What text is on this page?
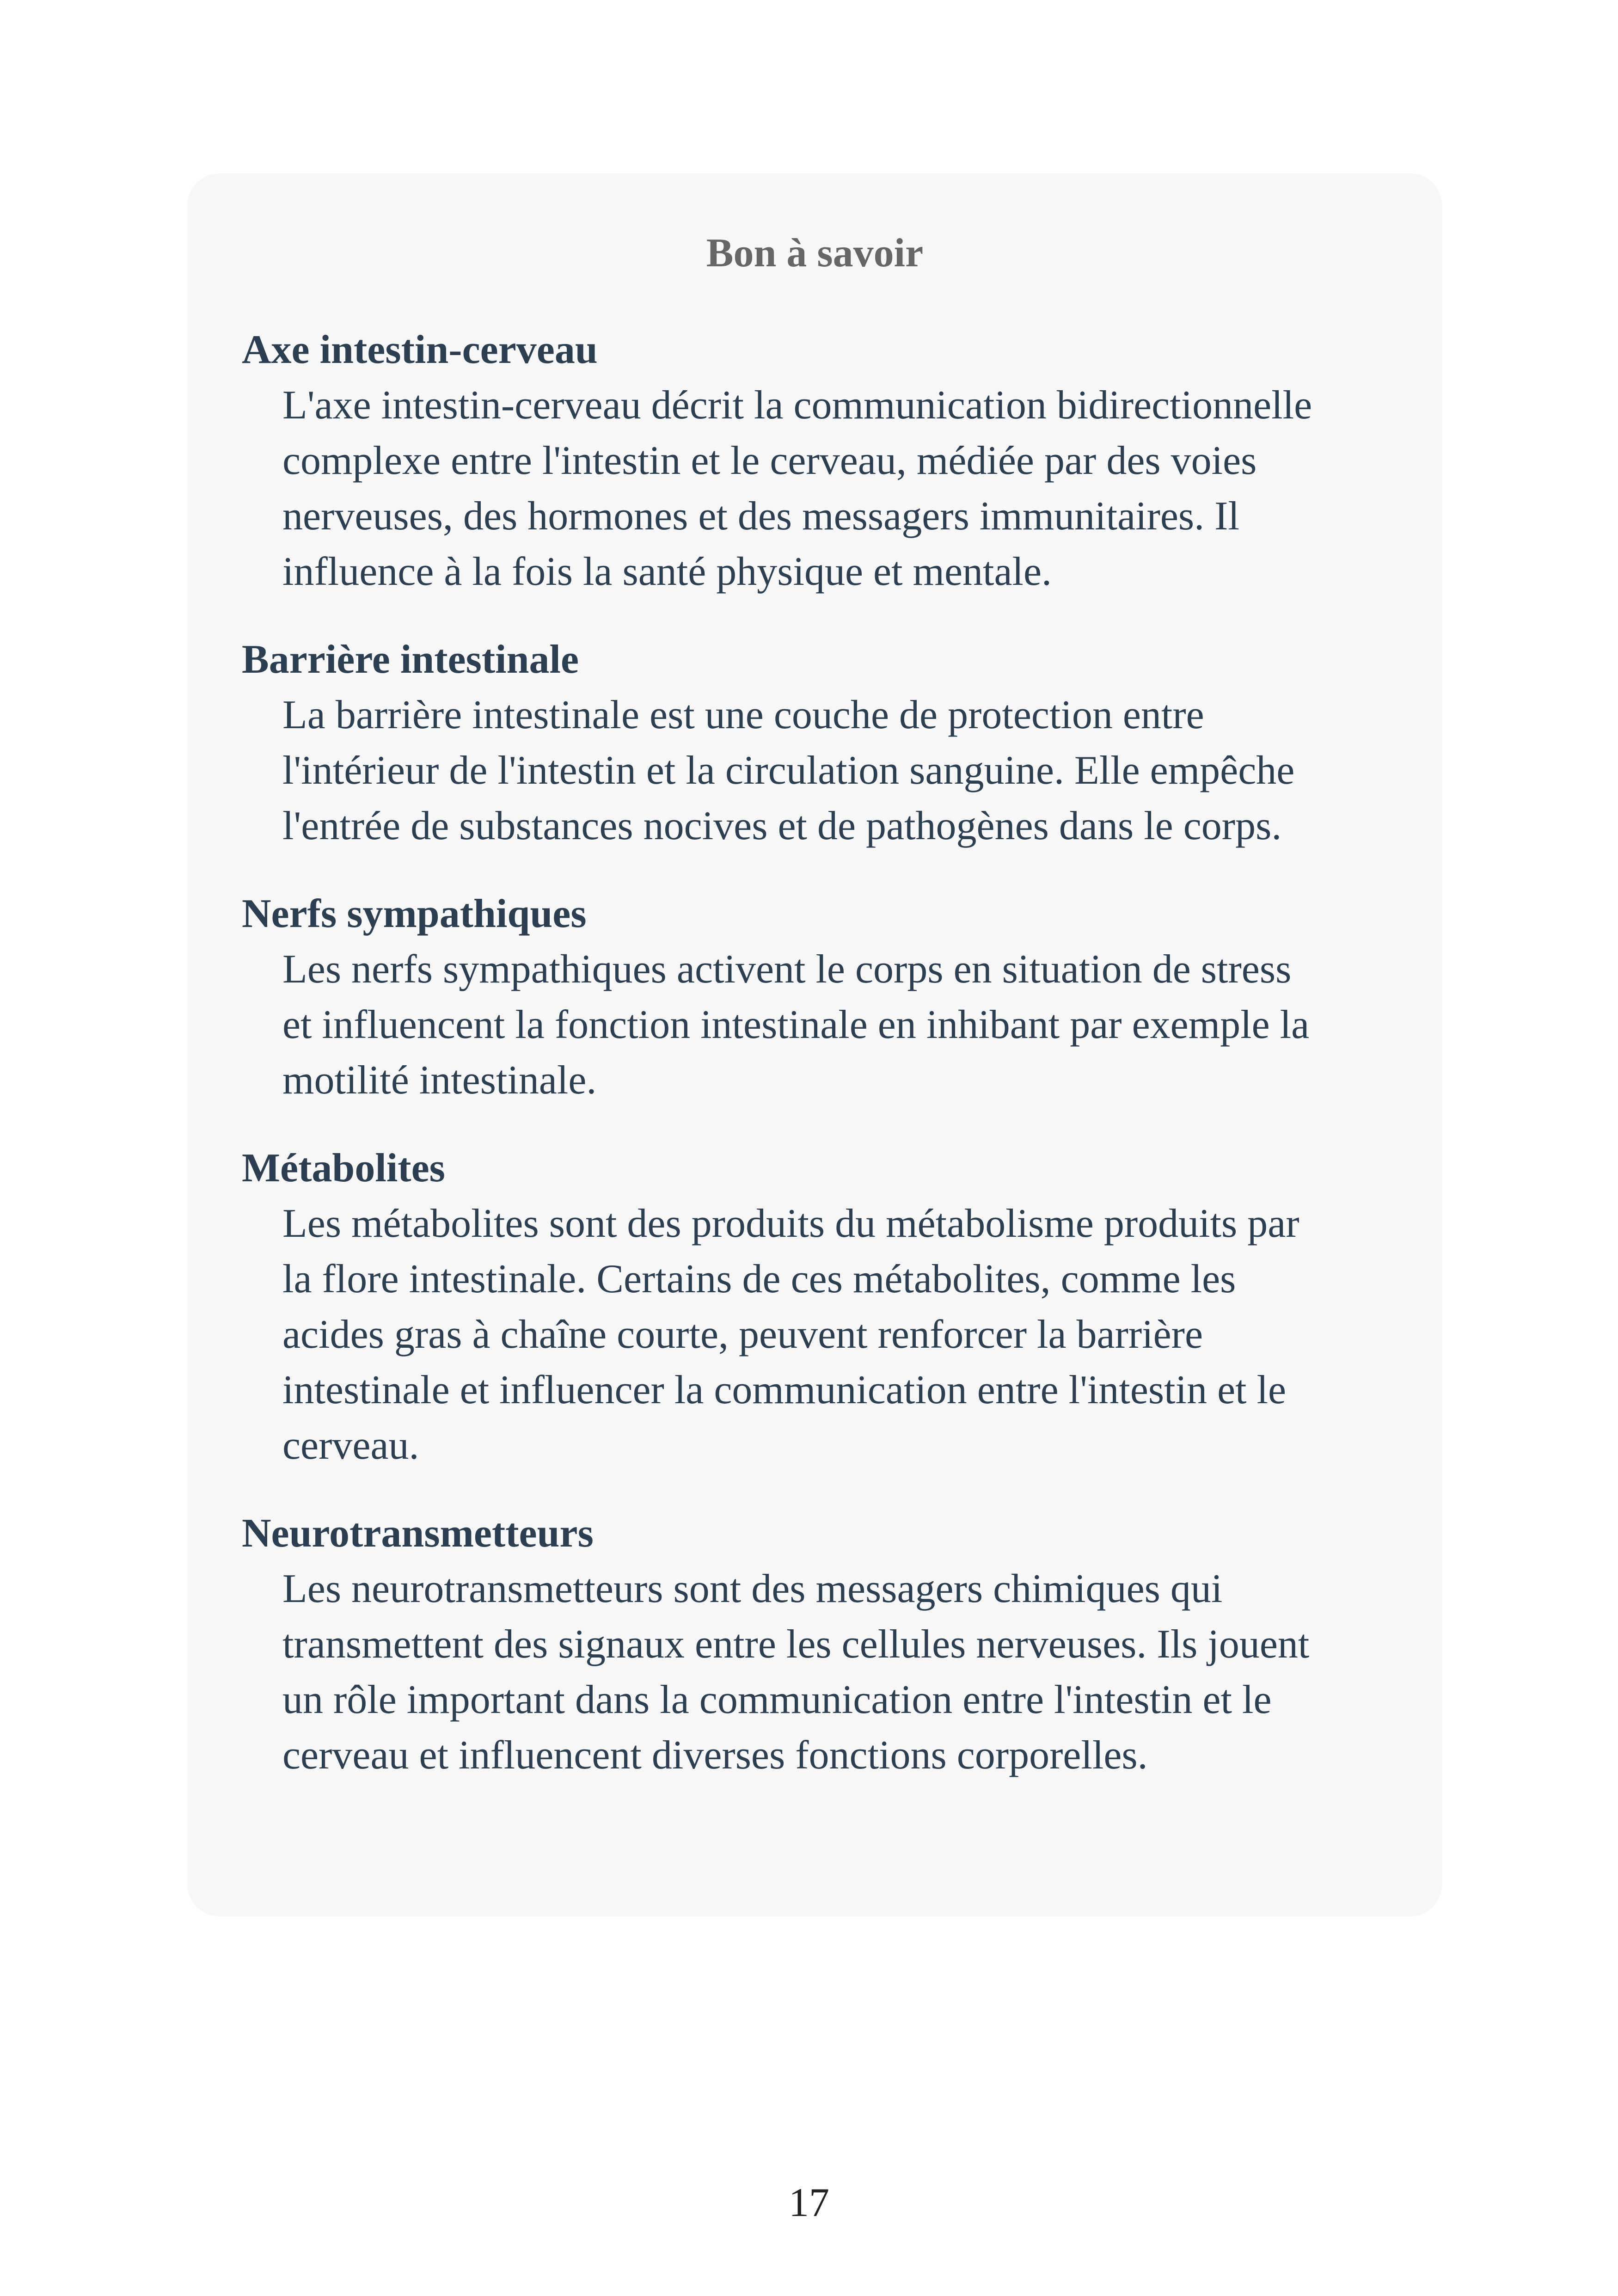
Bon à savoir
Axe intestin-cerveau
L'axe intestin-cerveau décrit la communication bidirectionnelle
complexe entre l'intestin et le cerveau, médiée par des voies
nerveuses, des hormones et des messagers immunitaires. Il
influence à la fois la santé physique et mentale.
Barrière intestinale
La barrière intestinale est une couche de protection entre
l'intérieur de l'intestin et la circulation sanguine. Elle empêche
l'entrée de substances nocives et de pathogènes dans le corps.
Nerfs sympathiques
Les nerfs sympathiques activent le corps en situation de stress
et influencent la fonction intestinale en inhibant par exemple la
motilité intestinale.
Métabolites
Les métabolites sont des produits du métabolisme produits par
la flore intestinale. Certains de ces métabolites, comme les
acides gras à chaîne courte, peuvent renforcer la barrière
intestinale et influencer la communication entre l'intestin et le
cerveau.
Neurotransmetteurs
Les neurotransmetteurs sont des messagers chimiques qui
transmettent des signaux entre les cellules nerveuses. Ils jouent
un rôle important dans la communication entre l'intestin et le
cerveau et influencent diverses fonctions corporelles.
17
